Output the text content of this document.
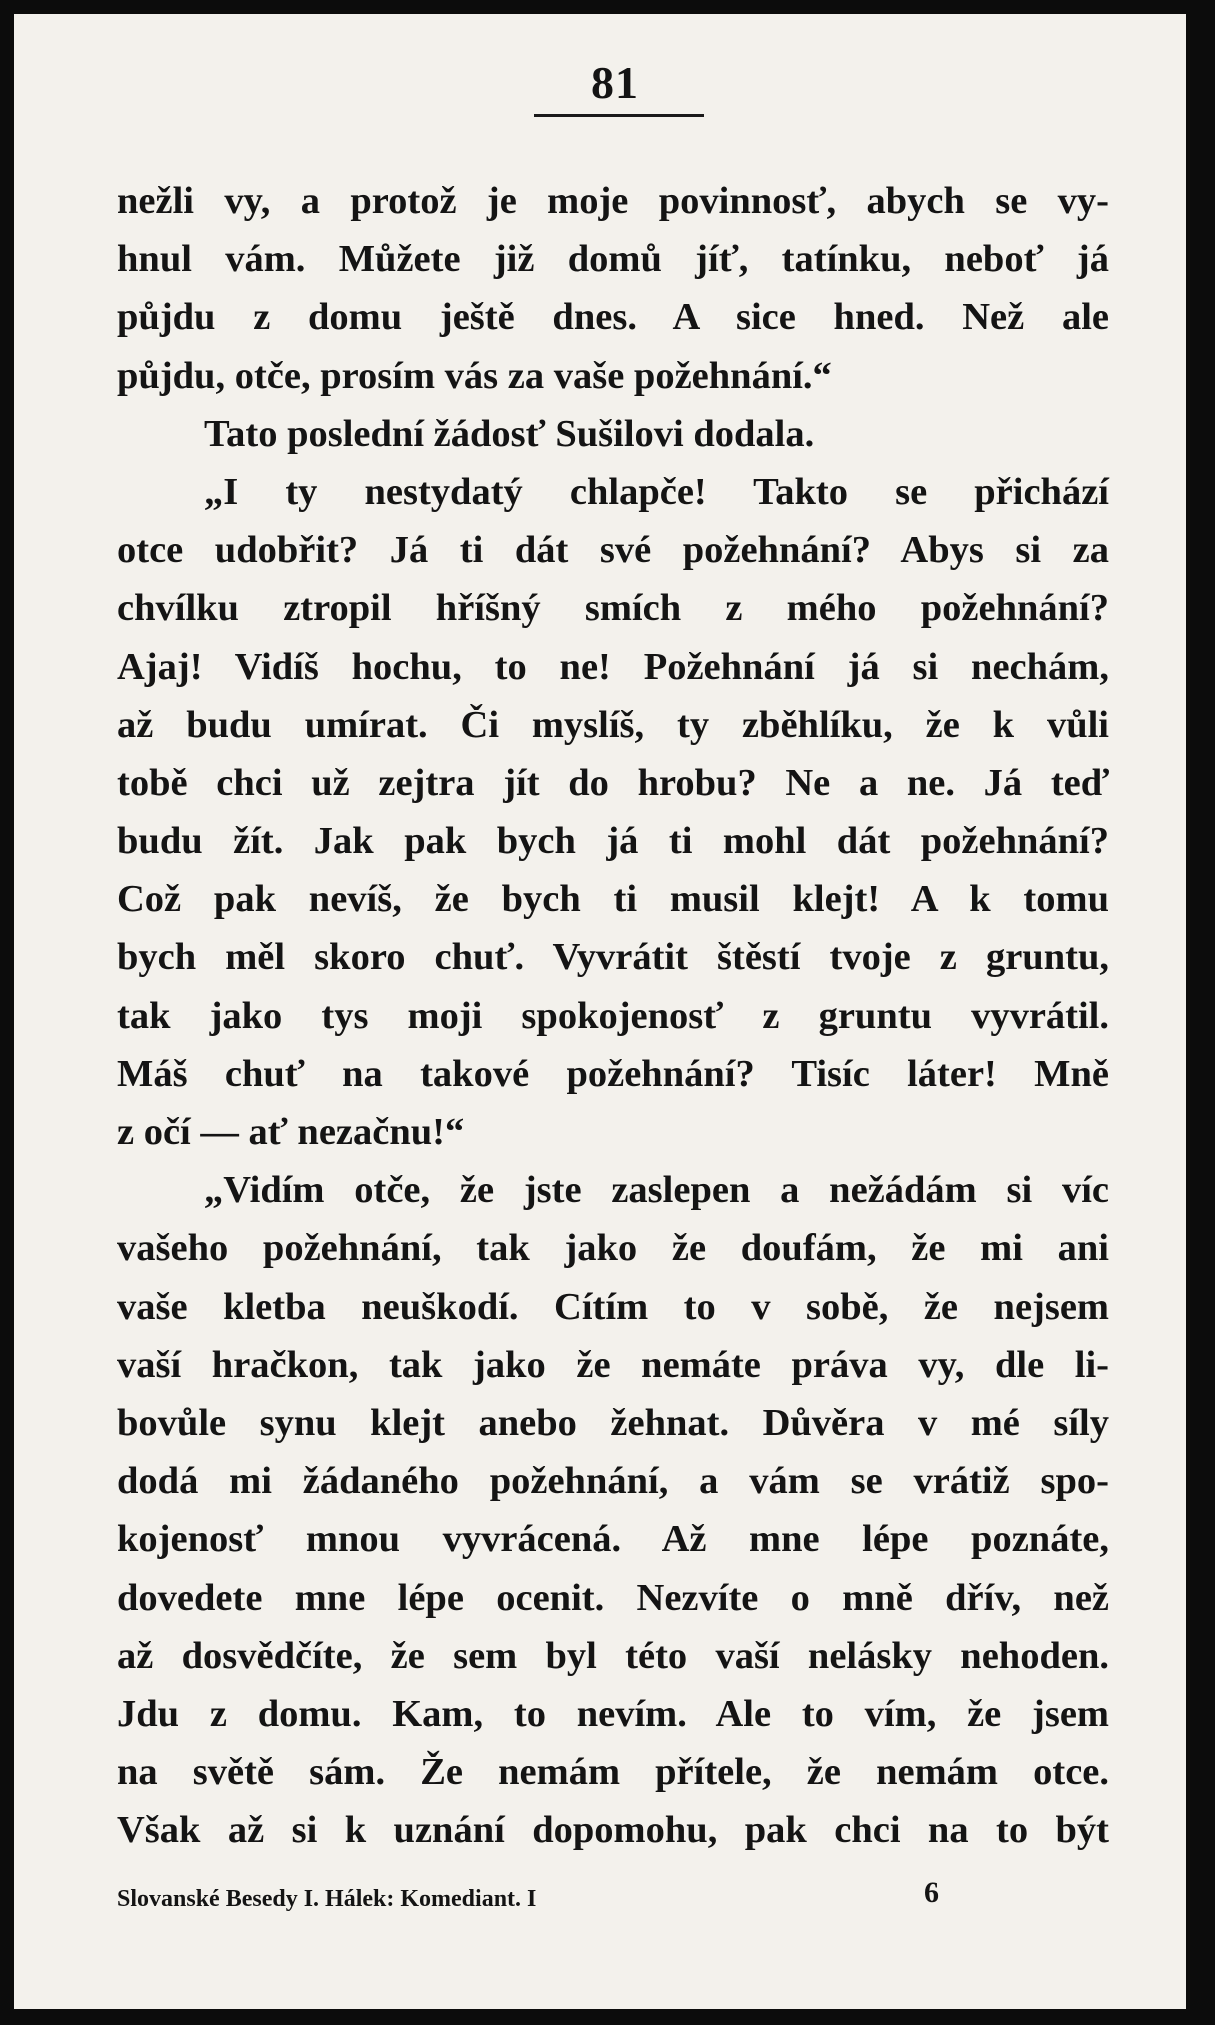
81
nežli vy, a protož je moje povinnosť, abych se vy-
hnul vám. Můžete již domů jíť, tatínku, neboť já
půjdu z domu ještě dnes. A sice hned. Než ale
půjdu, otče, prosím vás za vaše požehnání.“
Tato poslední žádosť Sušilovi dodala.
„I ty nestydatý chlapče! Takto se přichází
otce udobřit? Já ti dát své požehnání? Abys si za
chvílku ztropil hříšný smích z mého požehnání?
Ajaj! Vidíš hochu, to ne! Požehnání já si nechám,
až budu umírat. Či myslíš, ty zběhlíku, že k vůli
tobě chci už zejtra jít do hrobu? Ne a ne. Já teď
budu žít. Jak pak bych já ti mohl dát požehnání?
Což pak nevíš, že bych ti musil klejt! A k tomu
bych měl skoro chuť. Vyvrátit štěstí tvoje z gruntu,
tak jako tys moji spokojenosť z gruntu vyvrátil.
Máš chuť na takové požehnání? Tisíc láter! Mně
z očí — ať nezačnu!“
„Vidím otče, že jste zaslepen a nežádám si víc
vašeho požehnání, tak jako že doufám, že mi ani
vaše kletba neuškodí. Cítím to v sobě, že nejsem
vaší hračkon, tak jako že nemáte práva vy, dle li-
bovůle synu klejt anebo žehnat. Důvěra v mé síly
dodá mi žádaného požehnání, a vám se vrátiž spo-
kojenosť mnou vyvrácená. Až mne lépe poznáte,
dovedete mne lépe ocenit. Nezvíte o mně dřív, než
až dosvědčíte, že sem byl této vaší nelásky nehoden.
Jdu z domu. Kam, to nevím. Ale to vím, že jsem
na světě sám. Že nemám přítele, že nemám otce.
Však až si k uznání dopomohu, pak chci na to být
Slovanské Besedy I. Hálek: Komediant. I	6
